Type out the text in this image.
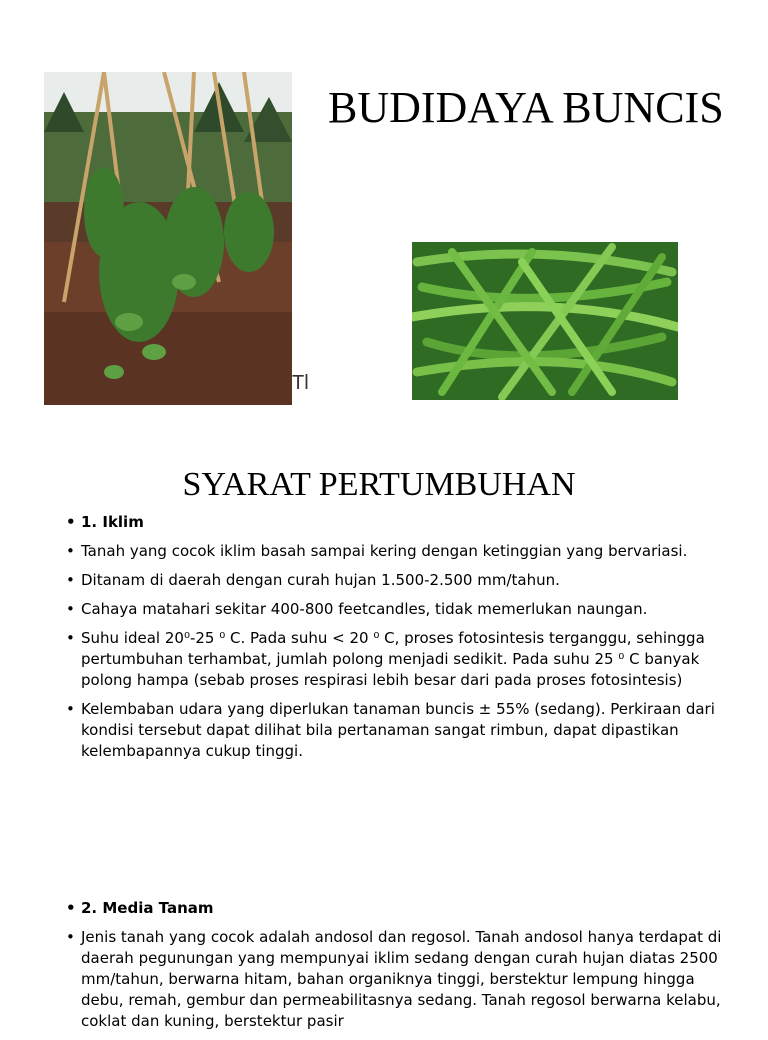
BUDIDAYA BUNCIS
Tl
SYARAT PERTUMBUHAN
• 1. Iklim
• Tanah yang cocok iklim basah sampai kering dengan ketinggian yang bervariasi.
• Ditanam di daerah dengan curah hujan 1.500-2.500 mm/tahun.
• Cahaya matahari sekitar 400-800 feetcandles, tidak memerlukan naungan.
• Suhu ideal 20⁰-25 ⁰ C. Pada suhu < 20 ⁰ C, proses fotosintesis terganggu, sehingga pertumbuhan terhambat, jumlah polong menjadi sedikit. Pada suhu 25 ⁰ C banyak polong hampa (sebab proses respirasi lebih besar dari pada proses fotosintesis)
• Kelembaban udara yang diperlukan tanaman buncis ± 55% (sedang). Perkiraan dari kondisi tersebut dapat dilihat bila pertanaman sangat rimbun, dapat dipastikan kelembapannya cukup tinggi.
• 2. Media Tanam
• Jenis tanah yang cocok adalah andosol dan regosol. Tanah andosol hanya terdapat di daerah pegunungan yang mempunyai iklim sedang dengan curah hujan diatas 2500 mm/tahun, berwarna hitam, bahan organiknya tinggi, berstektur lempung hingga debu, remah, gembur dan permeabilitasnya sedang. Tanah regosol berwarna kelabu, coklat dan kuning, berstektur pasir
